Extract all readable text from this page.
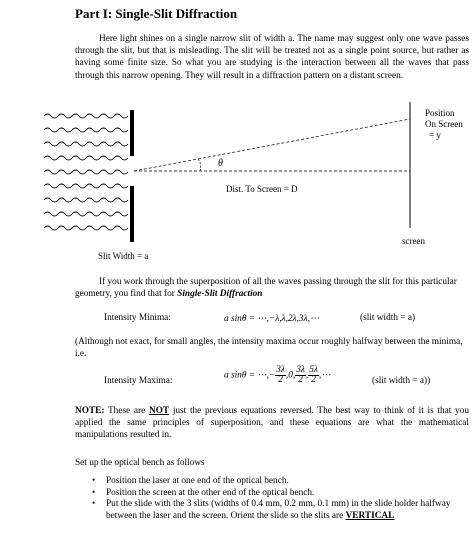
Part I: Single-Slit Diffraction
Here light shines on a single narrow slit of width a. The name may suggest only one wave passes through the slit, but that is misleading. The slit will be treated not as a single point source, but rather as having some finite size. So what you are studying is the interaction between all the waves that pass through this narrow opening. They will result in a diffraction pattern on a distant screen.
θ
Dist. To Screen = D
Position
On Screen
= y
screen
Slit Width = a
If you work through the superposition of all the waves passing through the slit for this particular geometry, you find that for Single-Slit Diffraction
Intensity Minima:	a sinθ = ⋯,−λ,λ,2λ,3λ,⋯	(slit width = a)
(Although not exact, for small angles, the intensity maxima occur roughly halfway between the minima, i.e.
Intensity Maxima:
a sinθ = ⋯,− $\frac{3\lambda}{2} ,0$, $\frac{3\lambda}{2}$ , $\frac{5\lambda}{2}$ ,⋯
(slit width = a))
NOTE: These are NOT just the previous equations reversed. The best way to think of it is that you applied the same principles of superposition, and these equations are what the mathematical manipulations resulted in.
Set up the optical bench as follows
• Position the laser at one end of the optical bench.
• Position the screen at the other end of the optical bench.
• Put the slide with the 3 slits (widths of 0.4 mm, 0.2 mm, 0.1 mm) in the slide holder halfway between the laser and the screen. Orient the slide so the slits are VERTICAL
